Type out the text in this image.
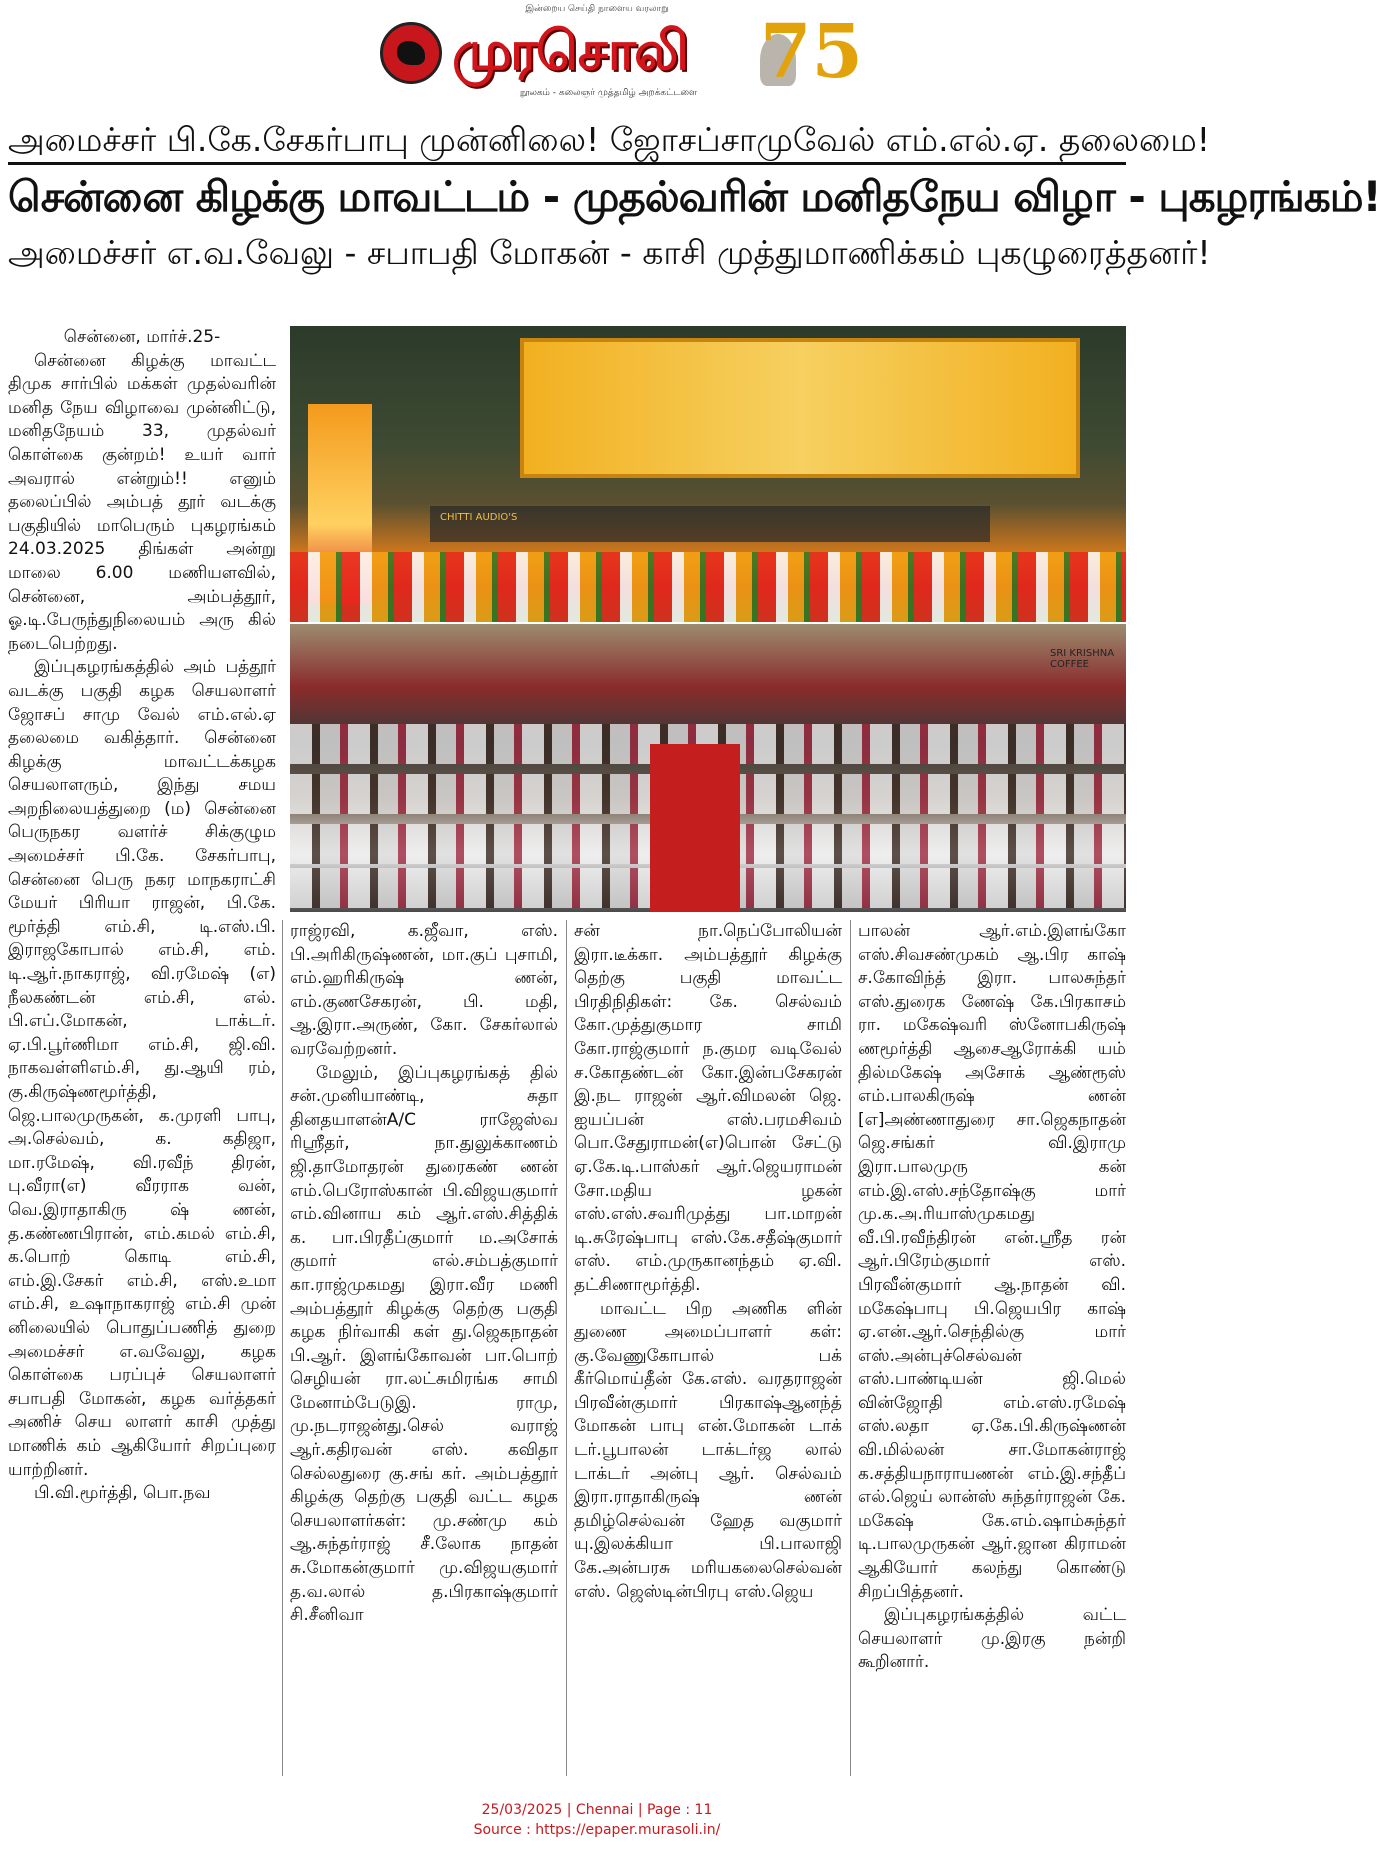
இன்றைய செய்தி நாளைய வரலாறு
முரசொலி
நூலகம் - கலைஞர் முத்தமிழ் அறக்கட்டளை 75
அமைச்சர் பி.கே.சேகர்பாபு முன்னிலை! ஜோசப்சாமுவேல் எம்.எல்.ஏ. தலைமை!
சென்னை கிழக்கு மாவட்டம் - முதல்வரின் மனிதநேய விழா - புகழரங்கம்!
அமைச்சர் எ.வ.வேலு - சபாபதி மோகன் - காசி முத்துமாணிக்கம் புகழுரைத்தனர்!
CHITTI AUDIO'S
SRI KRISHNA COFFEE

சென்னை, மார்ச்.25-

சென்னை கிழக்கு மாவட்ட திமுக சார்பில் மக்கள் முதல்வரின் மனித நேய விழாவை முன்னிட்டு, மனிதநேயம் 33, முதல்வர் கொள்கை குன்றம்! உயர் வார் அவரால் என்றும்!! எனும் தலைப்பில் அம்பத் தூர் வடக்கு பகுதியில் மாபெரும் புகழரங்கம் 24.03.2025 திங்கள் அன்று மாலை 6.00 மணியளவில், சென்னை, அம்பத்தூர், ஓ.டி.பேருந்துநிலையம் அரு கில் நடைபெற்றது.

இப்புகழரங்கத்தில் அம் பத்தூர் வடக்கு பகுதி கழக செயலாளர் ஜோசப் சாமு வேல் எம்.எல்.ஏ தலைமை வகித்தார். சென்னை கிழக்கு மாவட்டக்கழக செயலாளரும், இந்து சமய அறநிலையத்துறை (ம) சென்னை பெருநகர வளர்ச் சிக்குழும அமைச்சர் பி.கே. சேகர்பாபு, சென்னை பெரு நகர மாநகராட்சி மேயர் பிரியா ராஜன், பி.கே. மூர்த்தி எம்.சி, டி.எஸ்.பி. இராஜகோபால் எம்.சி, எம். டி.ஆர்.நாகராஜ், வி.ரமேஷ் (எ) நீலகண்டன் எம்.சி, எல். பி.எப்.மோகன், டாக்டர். ஏ.பி.பூர்ணிமா எம்.சி, ஜி.வி. நாகவள்ளிஎம்.சி, து.ஆயி ரம், கு.கிருஷ்ணமூர்த்தி, ஜெ.பாலமுருகன், க.முரளி பாபு, அ.செல்வம், க. கதிஜா, மா.ரமேஷ், வி.ரவீந் திரன், பு.வீரா(எ) வீரராக வன், வெ.இராதாகிரு ஷ் ணன், த.கண்ணபிரான், எம்.கமல் எம்.சி, க.பொற் கொடி எம்.சி, எம்.இ.சேகர் எம்.சி, எஸ்.உமா எம்.சி, உஷாநாகராஜ் எம்.சி முன் னிலையில் பொதுப்பணித் துறை அமைச்சர் எ.வவேலு, கழக கொள்கை பரப்புச் செயலாளர் சபாபதி மோகன், கழக வர்த்தகர் அணிச் செய லாளர் காசி முத்து மாணிக் கம் ஆகியோர் சிறப்புரை யாற்றினர்.

பி.வி.மூர்த்தி, பொ.நவ

ராஜ்ரவி, க.ஜீவா, எஸ். பி.அரிகிருஷ்ணன், மா.குப் புசாமி, எம்.ஹரிகிருஷ் ணன், எம்.குணசேகரன், பி. மதி, ஆ.இரா.அருண், கோ. சேகர்லால் வரவேற்றனர்.

மேலும், இப்புகழரங்கத் தில் சன்.முனியாண்டி, சுதா தினதயாளன்A/C ராஜேஸ்வ ரிஶ்ரீதர், நா.துலுக்காணம் ஜி.தாமோதரன் துரைகண் ணன் எம்.பெரோஸ்கான் பி.விஜயகுமார் எம்.வினாய கம் ஆர்.எஸ்.சித்திக் க. பா.பிரதீப்குமார் ம.அசோக் குமார் எல்.சம்பத்குமார் கா.ராஜ்முகமது இரா.வீர மணி அம்பத்தூர் கிழக்கு தெற்கு பகுதி கழக நிர்வாகி கள் து.ஜெகநாதன் பி.ஆர். இளங்கோவன் பா.பொற் செழியன் ரா.லட்சுமிரங்க சாமி மேனாம்பேடுஇ. ராமு, மு.நடராஜன்து.செல் வராஜ் ஆர்.கதிரவன் எஸ். கவிதா செல்லதுரை கு.சங் கர். அம்பத்தூர் கிழக்கு தெற்கு பகுதி வட்ட கழக செயலாளர்கள்: மு.சண்மு கம் ஆ.சுந்தர்ராஜ் சீ.லோக நாதன் சு.மோகன்குமார் மு.விஜயகுமார் த.வ.லால் த.பிரகாஷ்குமார் சி.சீனிவா

சன் நா.நெப்போலியன் இரா.டீக்கா. அம்பத்தூர் கிழக்கு தெற்கு பகுதி மாவட்ட பிரதிநிதிகள்: கே. செல்வம் கோ.முத்துகுமார சாமி கோ.ராஜ்குமார் ந.குமர வடிவேல் ச.கோதண்டன் கோ.இன்பசேகரன் இ.நட ராஜன் ஆர்.விமலன் ஜெ. ஐயப்பன் எஸ்.பரமசிவம் பொ.சேதுராமன்(எ)பொன் சேட்டு ஏ.கே.டி.பாஸ்கர் ஆர்.ஜெயராமன் சோ.மதிய ழகன் எஸ்.எஸ்.சவரிமுத்து பா.மாறன் டி.சுரேஷ்பாபு எஸ்.கே.சதீஷ்குமார் எஸ். எம்.முருகானந்தம் ஏ.வி. தட்சிணாமூர்த்தி.

மாவட்ட பிற அணிக ளின் துணை அமைப்பாளர் கள்: கு.வேணுகோபால் பக் கீர்மொய்தீன் கே.எஸ். வரதராஜன் பிரவீன்குமார் பிரகாஷ்ஆனந்த் மோகன் பாபு என்.மோகன் டாக் டர்.பூபாலன் டாக்டர்ஜ லால் டாக்டர் அன்பு ஆர். செல்வம் இரா.ராதாகிருஷ் ணன் தமிழ்செல்வன் ஹேத வகுமார் யு.இலக்கியா பி.பாலாஜி கே.அன்பரசு மரியகலைசெல்வன் எஸ். ஜெஸ்டின்பிரபு எஸ்.ஜெய

பாலன் ஆர்.எம்.இளங்கோ எஸ்.சிவசண்முகம் ஆ.பிர காஷ் ச.கோவிந்த் இரா. பாலசுந்தர் எஸ்.துரைக ணேஷ் கே.பிரகாசம் ரா. மகேஷ்வரி ஸ்னோபகிருஷ் ணமூர்த்தி ஆசைஆரோக்கி யம் தில்மகேஷ் அசோக் ஆண்ரூஸ் எம்.பாலகிருஷ் ணன் [எ]அண்ணாதுரை சா.ஜெகநாதன் ஜெ.சங்கர் வி.இராமு இரா.பாலமுரு கன் எம்.இ.எஸ்.சந்தோஷ்கு மார் மு.க.அ.ரியாஸ்முகமது வீ.பி.ரவீந்திரன் என்.ஸ்ரீத ரன் ஆர்.பிரேம்குமார் எஸ். பிரவீன்குமார் ஆ.நாதன் வி. மகேஷ்பாபு பி.ஜெயபிர காஷ் ஏ.என்.ஆர்.செந்தில்கு மார் எஸ்.அன்புச்செல்வன் எஸ்.பாண்டியன் ஜி.மெல் வின்ஜோதி எம்.எஸ்.ரமேஷ் எஸ்.லதா ஏ.கே.பி.கிருஷ்ணன் வி.மில்லன் சா.மோகன்ராஜ் க.சத்தியநாராயணன் எம்.இ.சந்தீப் எல்.ஜெய் லான்ஸ் சுந்தர்ராஜன் கே. மகேஷ் கே.எம்.ஷாம்சுந்தர் டி.பாலமுருகன் ஆர்.ஜான கிராமன் ஆகியோர் கலந்து கொண்டு சிறப்பித்தனர்.

இப்புகழரங்கத்தில் வட்ட செயலாளர் மு.இரகு நன்றி கூறினார்.

25/03/2025 | Chennai | Page : 11
Source : https://epaper.murasoli.in/
